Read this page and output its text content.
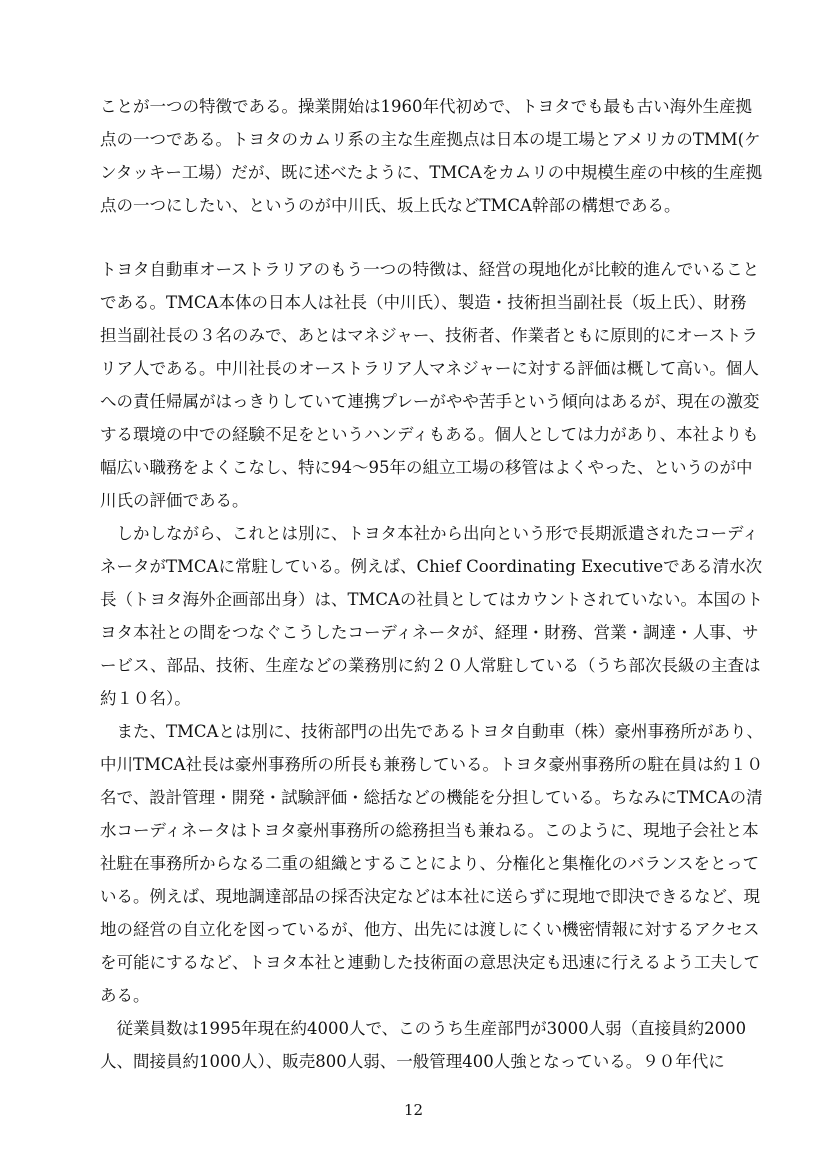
ことが一つの特徴である。操業開始は1960年代初めで、トヨタでも最も古い海外生産拠
点の一つである。トヨタのカムリ系の主な生産拠点は日本の堤工場とアメリカのTMM(ケ
ンタッキー工場）だが、既に述べたように、TMCAをカムリの中規模生産の中核的生産拠
点の一つにしたい、というのが中川氏、坂上氏などTMCA幹部の構想である。
トヨタ自動車オーストラリアのもう一つの特徴は、経営の現地化が比較的進んでいること
である。TMCA本体の日本人は社長（中川氏）、製造・技術担当副社長（坂上氏）、財務
担当副社長の３名のみで、あとはマネジャー、技術者、作業者ともに原則的にオーストラ
リア人である。中川社長のオーストラリア人マネジャーに対する評価は概して高い。個人
への責任帰属がはっきりしていて連携プレーがやや苦手という傾向はあるが、現在の激変
する環境の中での経験不足をというハンディもある。個人としては力があり、本社よりも
幅広い職務をよくこなし、特に94～95年の組立工場の移管はよくやった、というのが中
川氏の評価である。
　しかしながら、これとは別に、トヨタ本社から出向という形で長期派遣されたコーディ
ネータがTMCAに常駐している。例えば、Chief Coordinating Executiveである清水次
長（トヨタ海外企画部出身）は、TMCAの社員としてはカウントされていない。本国のト
ヨタ本社との間をつなぐこうしたコーディネータが、経理・財務、営業・調達・人事、サ
ービス、部品、技術、生産などの業務別に約２０人常駐している（うち部次長級の主査は
約１０名）。
　また、TMCAとは別に、技術部門の出先であるトヨタ自動車（株）豪州事務所があり、
中川TMCA社長は豪州事務所の所長も兼務している。トヨタ豪州事務所の駐在員は約１０
名で、設計管理・開発・試験評価・総括などの機能を分担している。ちなみにTMCAの清
水コーディネータはトヨタ豪州事務所の総務担当も兼ねる。このように、現地子会社と本
社駐在事務所からなる二重の組織とすることにより、分権化と集権化のバランスをとって
いる。例えば、現地調達部品の採否決定などは本社に送らずに現地で即決できるなど、現
地の経営の自立化を図っているが、他方、出先には渡しにくい機密情報に対するアクセス
を可能にするなど、トヨタ本社と連動した技術面の意思決定も迅速に行えるよう工夫して
ある。
　従業員数は1995年現在約4000人で、このうち生産部門が3000人弱（直接員約2000
人、間接員約1000人）、販売800人弱、一般管理400人強となっている。９０年代に
12
